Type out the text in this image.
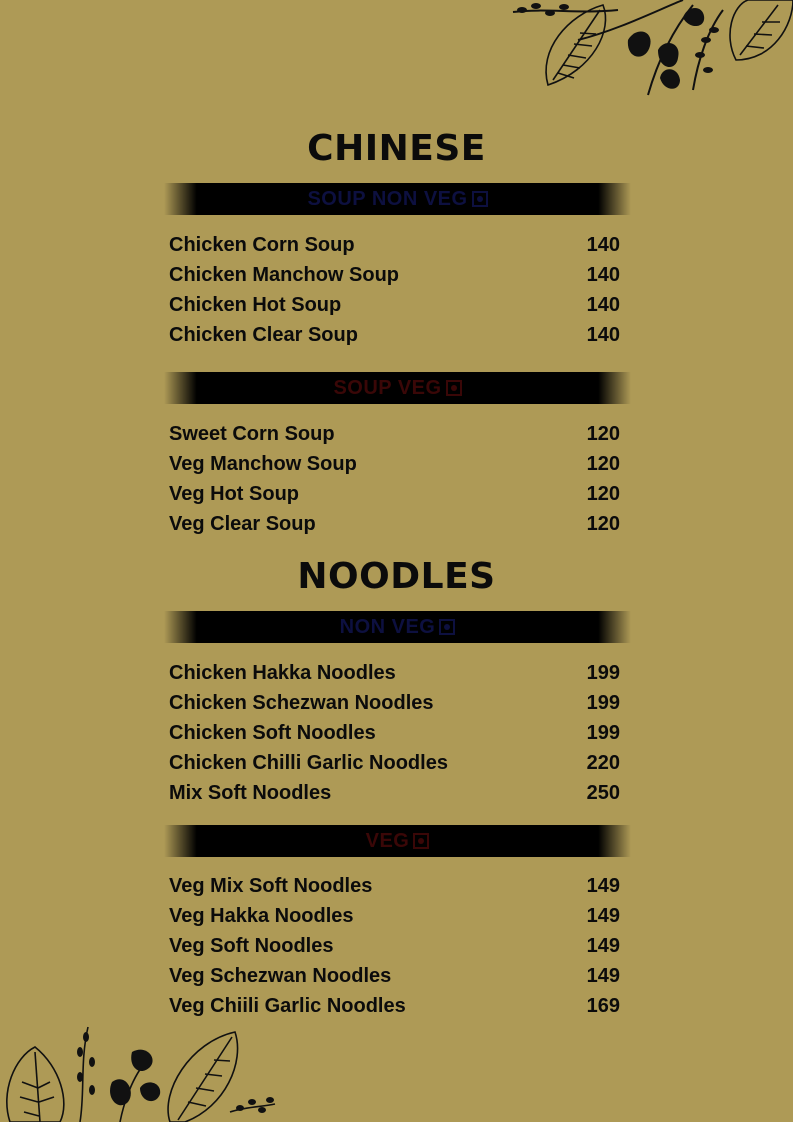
CHINESE
SOUP NON VEG
Chicken Corn Soup	140
Chicken Manchow Soup	140
Chicken Hot Soup	140
Chicken Clear Soup	140
SOUP VEG
Sweet Corn Soup	120
Veg Manchow Soup	120
Veg Hot Soup	120
Veg Clear Soup	120
NOODLES
NON VEG
Chicken Hakka Noodles	199
Chicken Schezwan Noodles	199
Chicken Soft Noodles	199
Chicken Chilli Garlic Noodles	220
Mix Soft Noodles	250
VEG
Veg Mix Soft Noodles	149
Veg Hakka Noodles	149
Veg Soft Noodles	149
Veg Schezwan Noodles	149
Veg Chiili Garlic Noodles	169
